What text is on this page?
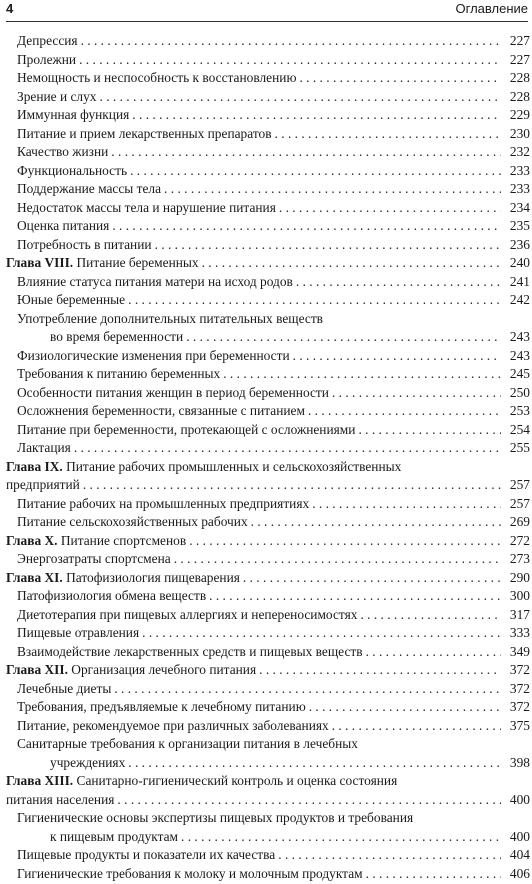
4	Оглавление
Депрессия . . .	227
Пролежни . . .	227
Немощность и неспособность к восстановлению . . .	228
Зрение и слух . . .	228
Иммунная функция . . .	229
Питание и прием лекарственных препаратов . . .	230
Качество жизни . . .	232
Функциональность . . .	233
Поддержание массы тела . . .	233
Недостаток массы тела и нарушение питания . . .	234
Оценка питания . . .	235
Потребность в питании . . .	236
Глава VIII. Питание беременных . . .	240
Влияние статуса питания матери на исход родов . . .	241
Юные беременные . . .	242
Употребление дополнительных питательных веществ
во время беременности . . .	243
Физиологические изменения при беременности . . .	243
Требования к питанию беременных . . .	245
Особенности питания женщин в период беременности . . .	250
Осложнения беременности, связанные с питанием . . .	253
Питание при беременности, протекающей с осложнениями . . .	254
Лактация . . .	255
Глава IX. Питание рабочих промышленных и сельскохозяйственных
предприятий . . .	257
Питание рабочих на промышленных предприятиях . . .	257
Питание сельскохозяйственных рабочих . . .	269
Глава X. Питание спортсменов . . .	272
Энергозатраты спортсмена . . .	273
Глава XI. Патофизиология пищеварения . . .	290
Патофизиология обмена веществ . . .	300
Диетотерапия при пищевых аллергиях и непереносимостях . . .	317
Пищевые отравления . . .	333
Взаимодействие лекарственных средств и пищевых веществ . . .	349
Глава XII. Организация лечебного питания . . .	372
Лечебные диеты . . .	372
Требования, предъявляемые к лечебному питанию . . .	372
Питание, рекомендуемое при различных заболеваниях . . .	375
Санитарные требования к организации питания в лечебных
учреждениях . . .	398
Глава XIII. Санитарно-гигиенический контроль и оценка состояния
питания населения . . .	400
Гигиенические основы экспертизы пищевых продуктов и требования
к пищевым продуктам . . .	400
Пищевые продукты и показатели их качества . . .	404
Гигиенические требования к молоку и молочным продуктам . . .	406
